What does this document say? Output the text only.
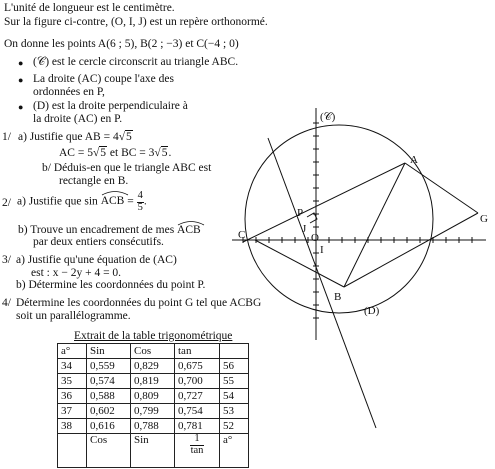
L'unité de longueur est le centimètre.
Sur la figure ci-contre, (O, I, J) est un repère orthonormé.
On donne les points A(6 ; 5), B(2 ; −3) et C(−4 ; 0)
● (𝒞) est le cercle circonscrit au triangle ABC.
● La droite (AC) coupe l'axe des
ordonnées en P,
● (D) est la droite perpendiculaire à
la droite (AC) en P.
1/ a) Justifie que AB = 4√5
AC = 5√5 et BC = 3√5.
b/ Déduis-en que le triangle ABC est
rectangle en B.
2/ a) Justifie que sin ACB = $\frac{4}{5}$ .
b) Trouve un encadrement de mes ACB
par deux entiers consécutifs.
3/ a) Justifie qu'une équation de (AC)
est : x − 2y + 4 = 0.
b) Détermine les coordonnées du point P.
4/ Détermine les coordonnées du point G tel que ACBG
soit un parallélogramme.
Extrait de la table trigonométrique
a°	Sin	Cos	tan	
34	0,559	0,829	0,675	56
35	0,574	0,819	0,700	55
36	0,588	0,809	0,727	54
37	0,602	0,799	0,754	53
38	0,616	0,788	0,781	52
	Cos	Sin	$\frac{1}{\tan}$	a°
(𝒞)
A
B
C
G
P
J
O
I
(D)
